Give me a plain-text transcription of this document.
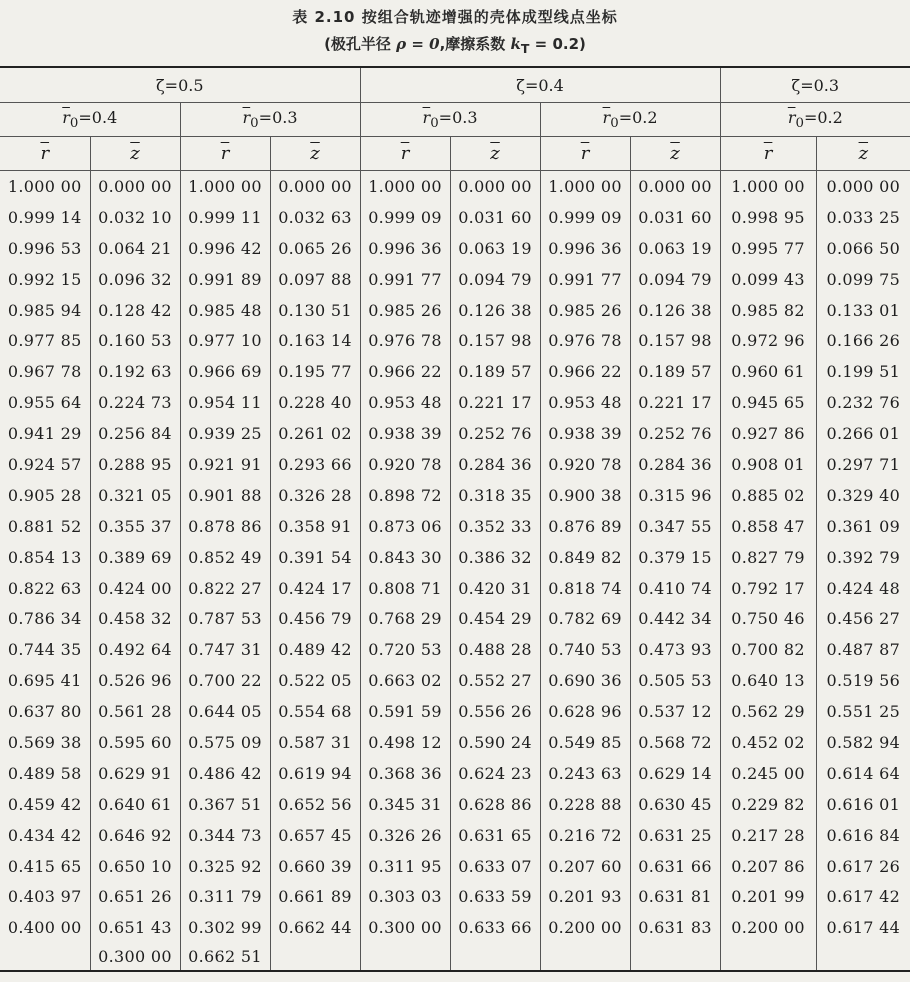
表 2.10 按组合轨迹增强的壳体成型线点坐标
(极孔半径 ρ = 0,摩擦系数 $k_T = 0.2$)
ζ=0.5				ζ=0.4				ζ=0.3	
$\overline{r}_0=0.4$		$\overline{r}_0=0.3$		$\overline{r}_0=0.3$		$\overline{r}_0=0.2$		$\overline{r}_0=0.2$	
$\overline{r}$	$\overline{z}$	$\overline{r}$	$\overline{z}$	$\overline{r}$	$\overline{z}$	$\overline{r}$	$\overline{z}$	$\overline{r}$	$\overline{z}$
1.000 00	0.000 00	1.000 00	0.000 00	1.000 00	0.000 00	1.000 00	0.000 00	1.000 00	0.000 00
0.999 14	0.032 10	0.999 11	0.032 63	0.999 09	0.031 60	0.999 09	0.031 60	0.998 95	0.033 25
0.996 53	0.064 21	0.996 42	0.065 26	0.996 36	0.063 19	0.996 36	0.063 19	0.995 77	0.066 50
0.992 15	0.096 32	0.991 89	0.097 88	0.991 77	0.094 79	0.991 77	0.094 79	0.099 43	0.099 75
0.985 94	0.128 42	0.985 48	0.130 51	0.985 26	0.126 38	0.985 26	0.126 38	0.985 82	0.133 01
0.977 85	0.160 53	0.977 10	0.163 14	0.976 78	0.157 98	0.976 78	0.157 98	0.972 96	0.166 26
0.967 78	0.192 63	0.966 69	0.195 77	0.966 22	0.189 57	0.966 22	0.189 57	0.960 61	0.199 51
0.955 64	0.224 73	0.954 11	0.228 40	0.953 48	0.221 17	0.953 48	0.221 17	0.945 65	0.232 76
0.941 29	0.256 84	0.939 25	0.261 02	0.938 39	0.252 76	0.938 39	0.252 76	0.927 86	0.266 01
0.924 57	0.288 95	0.921 91	0.293 66	0.920 78	0.284 36	0.920 78	0.284 36	0.908 01	0.297 71
0.905 28	0.321 05	0.901 88	0.326 28	0.898 72	0.318 35	0.900 38	0.315 96	0.885 02	0.329 40
0.881 52	0.355 37	0.878 86	0.358 91	0.873 06	0.352 33	0.876 89	0.347 55	0.858 47	0.361 09
0.854 13	0.389 69	0.852 49	0.391 54	0.843 30	0.386 32	0.849 82	0.379 15	0.827 79	0.392 79
0.822 63	0.424 00	0.822 27	0.424 17	0.808 71	0.420 31	0.818 74	0.410 74	0.792 17	0.424 48
0.786 34	0.458 32	0.787 53	0.456 79	0.768 29	0.454 29	0.782 69	0.442 34	0.750 46	0.456 27
0.744 35	0.492 64	0.747 31	0.489 42	0.720 53	0.488 28	0.740 53	0.473 93	0.700 82	0.487 87
0.695 41	0.526 96	0.700 22	0.522 05	0.663 02	0.552 27	0.690 36	0.505 53	0.640 13	0.519 56
0.637 80	0.561 28	0.644 05	0.554 68	0.591 59	0.556 26	0.628 96	0.537 12	0.562 29	0.551 25
0.569 38	0.595 60	0.575 09	0.587 31	0.498 12	0.590 24	0.549 85	0.568 72	0.452 02	0.582 94
0.489 58	0.629 91	0.486 42	0.619 94	0.368 36	0.624 23	0.243 63	0.629 14	0.245 00	0.614 64
0.459 42	0.640 61	0.367 51	0.652 56	0.345 31	0.628 86	0.228 88	0.630 45	0.229 82	0.616 01
0.434 42	0.646 92	0.344 73	0.657 45	0.326 26	0.631 65	0.216 72	0.631 25	0.217 28	0.616 84
0.415 65	0.650 10	0.325 92	0.660 39	0.311 95	0.633 07	0.207 60	0.631 66	0.207 86	0.617 26
0.403 97	0.651 26	0.311 79	0.661 89	0.303 03	0.633 59	0.201 93	0.631 81	0.201 99	0.617 42
0.400 00	0.651 43	0.302 99	0.662 44	0.300 00	0.633 66	0.200 00	0.631 83	0.200 00	0.617 44
	0.300 00	0.662 51							
